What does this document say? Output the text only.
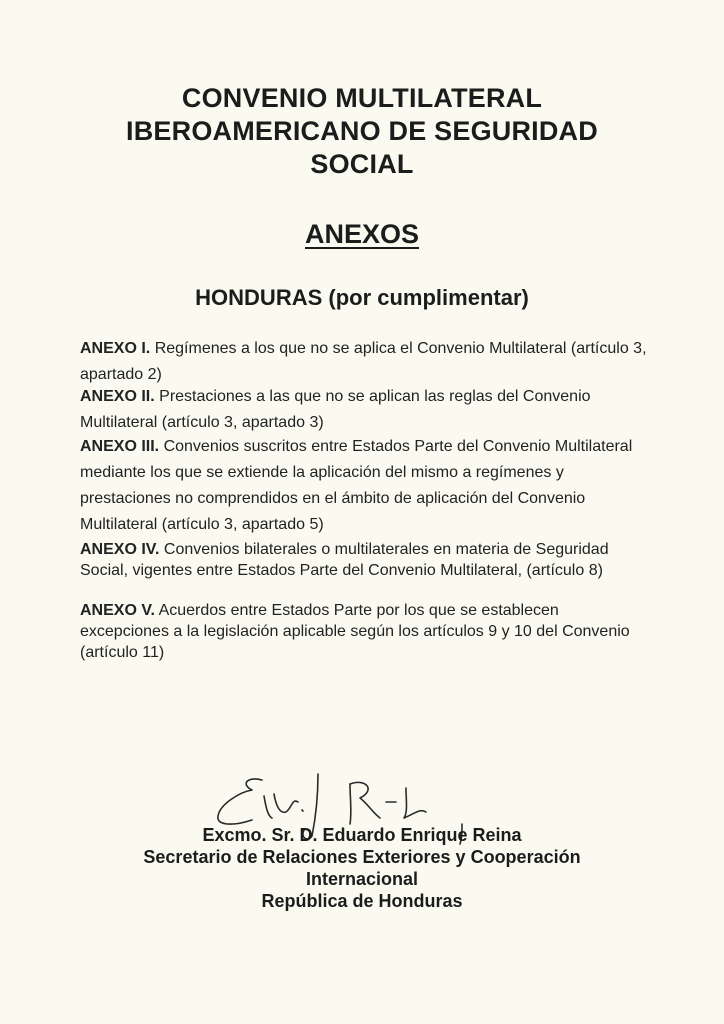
CONVENIO MULTILATERAL
IBEROAMERICANO DE SEGURIDAD
SOCIAL
ANEXOS
HONDURAS (por cumplimentar)

ANEXO I. Regímenes a los que no se aplica el Convenio Multilateral (artículo 3, apartado 2)

ANEXO II. Prestaciones a las que no se aplican las reglas del Convenio Multilateral (artículo 3, apartado 3)

ANEXO III. Convenios suscritos entre Estados Parte del Convenio Multilateral mediante los que se extiende la aplicación del mismo a regímenes y prestaciones no comprendidos en el ámbito de aplicación del Convenio Multilateral (artículo 3, apartado 5)

ANEXO IV. Convenios bilaterales o multilaterales en materia de Seguridad Social, vigentes entre Estados Parte del Convenio Multilateral, (artículo 8)

ANEXO V. Acuerdos entre Estados Parte por los que se establecen excepciones a la legislación aplicable según los artículos 9 y 10 del Convenio (artículo 11)

Excmo. Sr. D. Eduardo Enrique Reina
Secretario de Relaciones Exteriores y Cooperación
Internacional
República de Honduras
